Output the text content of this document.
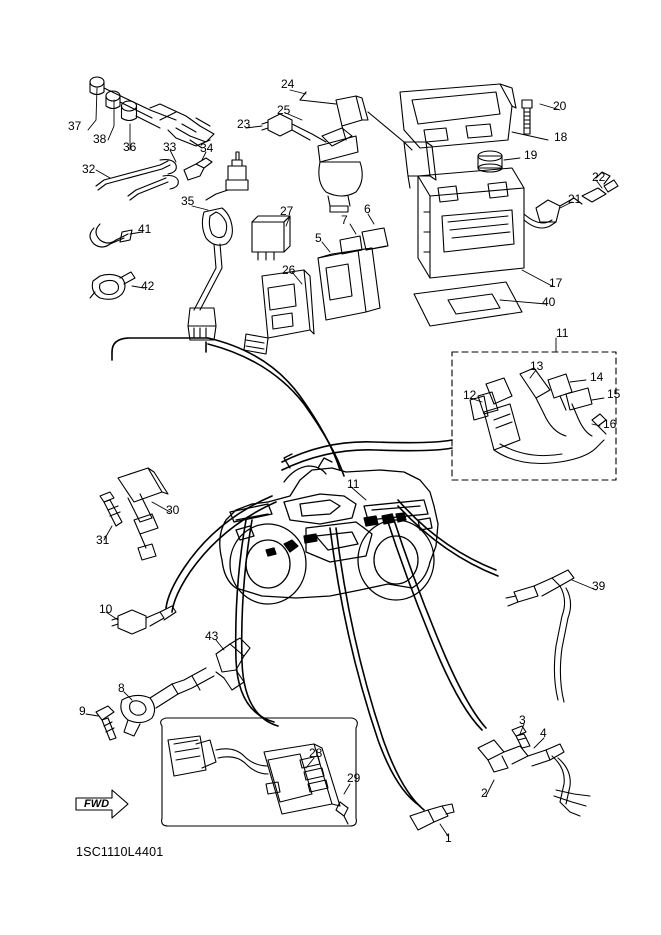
FWD
1SC1110L4401
1
2
3
4
5
6
7
8
9
10
11
11
12
13
14
15
16
17
18
19
20
21
22
23
24
25
26
27
28
29
30
31
32
33 34
35
36
37
38
39
40
41
42
43
